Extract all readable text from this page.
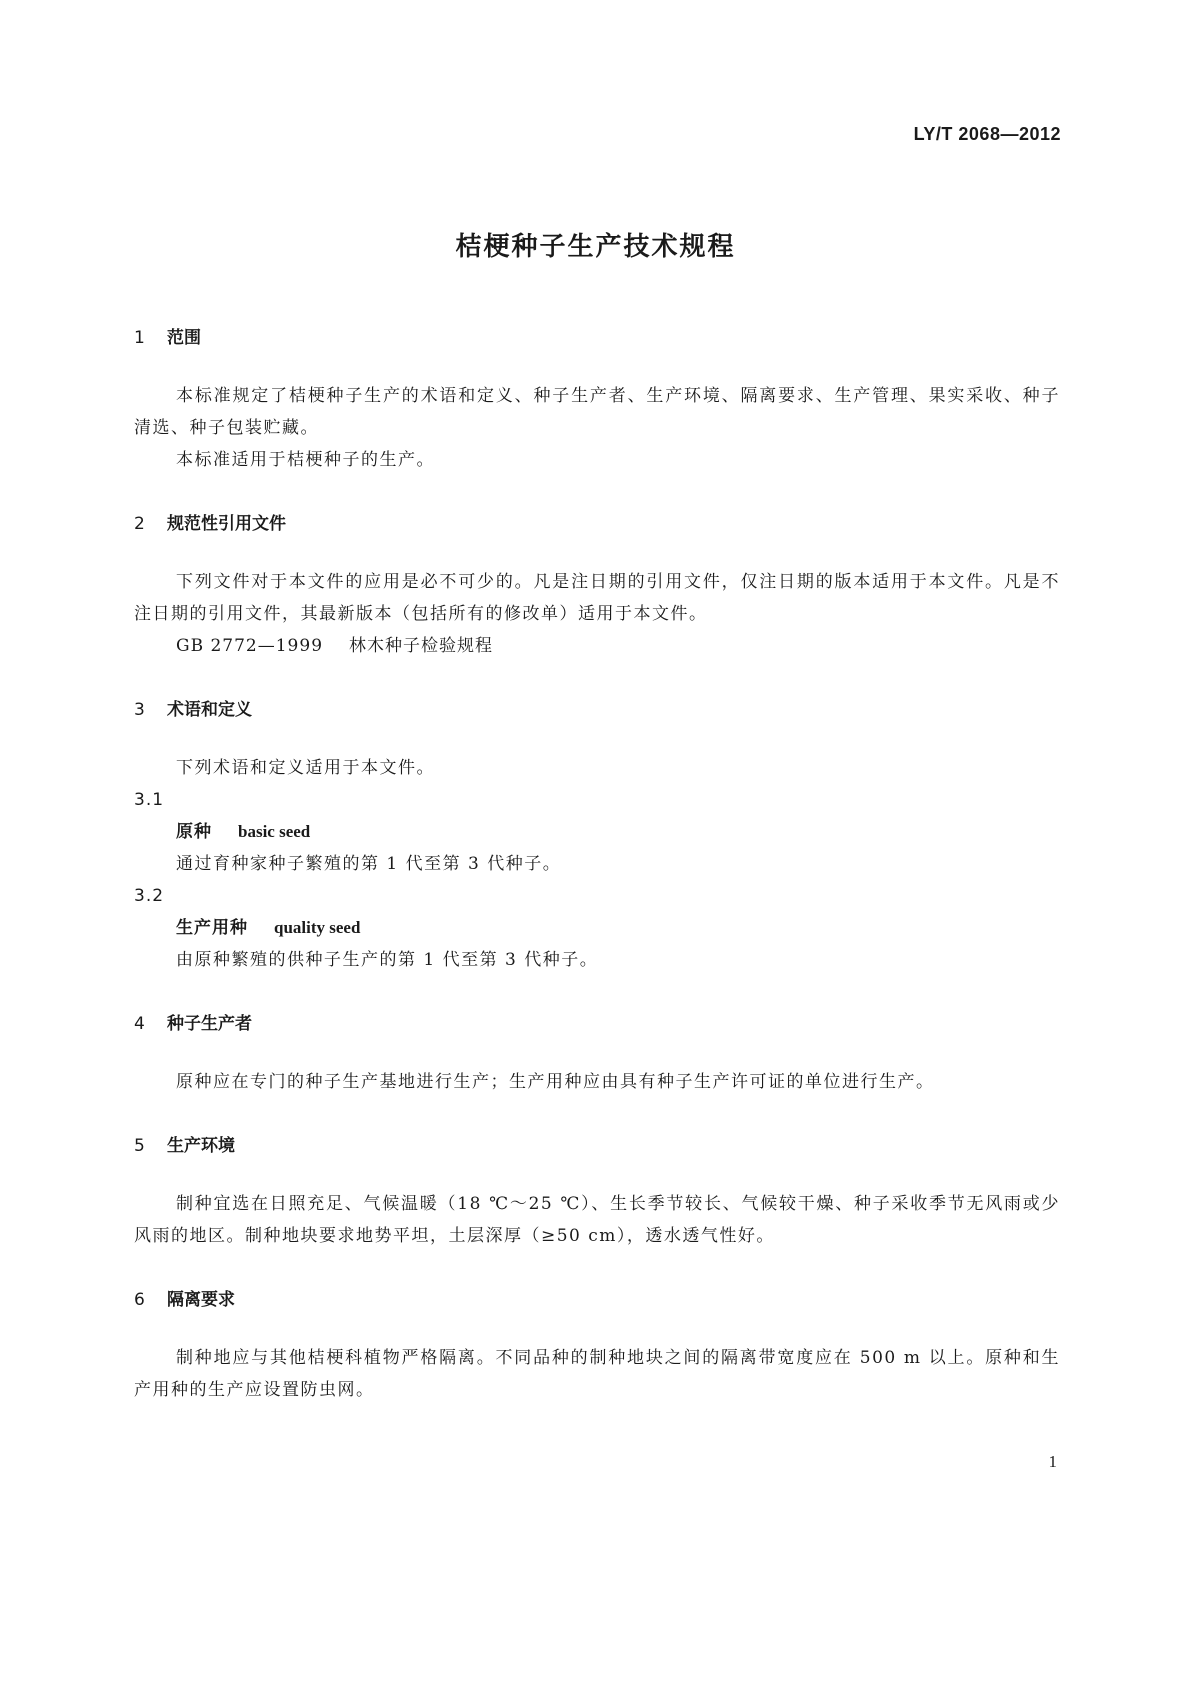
LY/T 2068—2012
桔梗种子生产技术规程
1 范围

本标准规定了桔梗种子生产的术语和定义、种子生产者、生产环境、隔离要求、生产管理、果实采收、种子清选、种子包装贮藏。

本标准适用于桔梗种子的生产。

2 规范性引用文件

下列文件对于本文件的应用是必不可少的。凡是注日期的引用文件，仅注日期的版本适用于本文件。凡是不注日期的引用文件，其最新版本（包括所有的修改单）适用于本文件。

GB 2772—1999 林木种子检验规程
3 术语和定义

下列术语和定义适用于本文件。

3.1
原种 basic seed
通过育种家种子繁殖的第 1 代至第 3 代种子。
3.2
生产用种 quality seed
由原种繁殖的供种子生产的第 1 代至第 3 代种子。
4 种子生产者

原种应在专门的种子生产基地进行生产；生产用种应由具有种子生产许可证的单位进行生产。

5 生产环境

制种宜选在日照充足、气候温暖（18 ℃～25 ℃）、生长季节较长、气候较干燥、种子采收季节无风雨或少风雨的地区。制种地块要求地势平坦，土层深厚（≥50 cm），透水透气性好。

6 隔离要求

制种地应与其他桔梗科植物严格隔离。不同品种的制种地块之间的隔离带宽度应在 500 m 以上。原种和生产用种的生产应设置防虫网。

1
